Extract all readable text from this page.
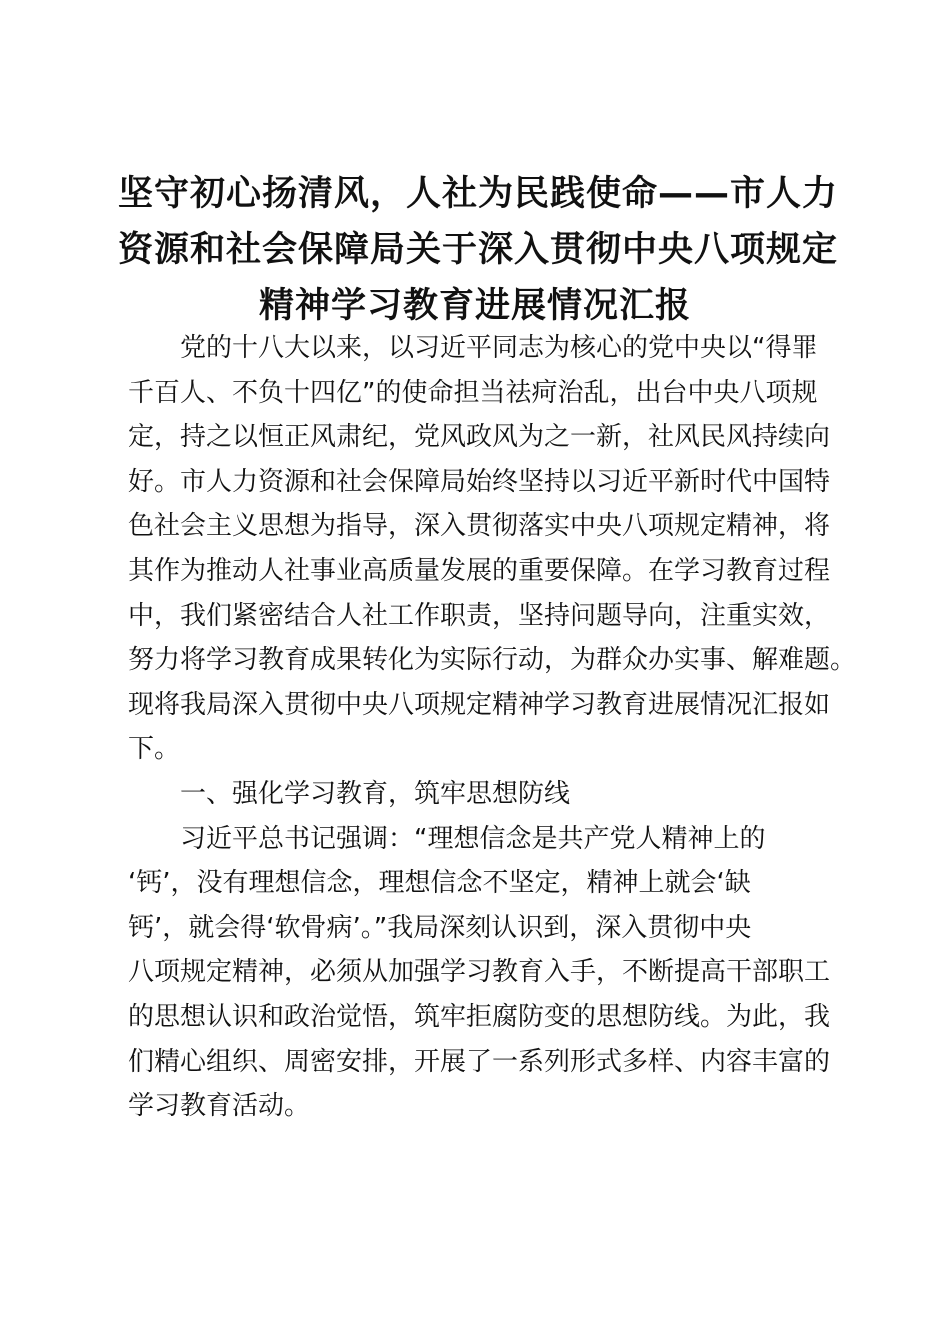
坚守初心扬清风，人社为民践使命——市人力
资源和社会保障局关于深入贯彻中央八项规定
精神学习教育进展情况汇报
党的十八大以来，以习近平同志为核心的党中央以“得罪
千百人、不负十四亿”的使命担当祛疴治乱，出台中央八项规
定，持之以恒正风肃纪，党风政风为之一新，社风民风持续向
好。市人力资源和社会保障局始终坚持以习近平新时代中国特
色社会主义思想为指导，深入贯彻落实中央八项规定精神，将
其作为推动人社事业高质量发展的重要保障。在学习教育过程
中，我们紧密结合人社工作职责，坚持问题导向，注重实效，
努力将学习教育成果转化为实际行动，为群众办实事、解难题。
现将我局深入贯彻中央八项规定精神学习教育进展情况汇报如
下。
一、强化学习教育，筑牢思想防线
习近平总书记强调：“理想信念是共产党人精神上的
‘钙’，没有理想信念，理想信念不坚定，精神上就会‘缺
钙’，就会得‘软骨病’。”我局深刻认识到，深入贯彻中央
八项规定精神，必须从加强学习教育入手，不断提高干部职工
的思想认识和政治觉悟，筑牢拒腐防变的思想防线。为此，我
们精心组织、周密安排，开展了一系列形式多样、内容丰富的
学习教育活动。
